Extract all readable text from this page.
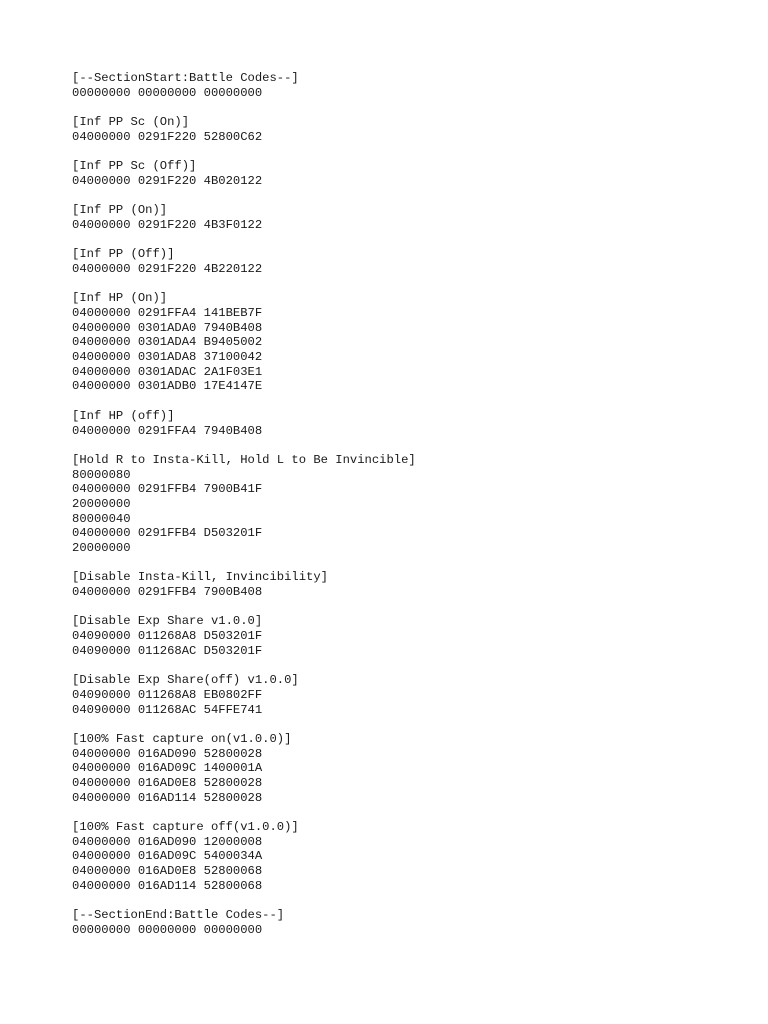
[--SectionStart:Battle Codes--]
00000000 00000000 00000000
[Inf PP Sc (On)]
04000000 0291F220 52800C62
[Inf PP Sc (Off)]
04000000 0291F220 4B020122
[Inf PP (On)]
04000000 0291F220 4B3F0122
[Inf PP (Off)]
04000000 0291F220 4B220122
[Inf HP (On)]
04000000 0291FFA4 141BEB7F
04000000 0301ADA0 7940B408
04000000 0301ADA4 B9405002
04000000 0301ADA8 37100042
04000000 0301ADAC 2A1F03E1
04000000 0301ADB0 17E4147E
[Inf HP (off)]
04000000 0291FFA4 7940B408
[Hold R to Insta-Kill, Hold L to Be Invincible]
80000080
04000000 0291FFB4 7900B41F
20000000
80000040
04000000 0291FFB4 D503201F
20000000
[Disable Insta-Kill, Invincibility]
04000000 0291FFB4 7900B408
[Disable Exp Share v1.0.0]
04090000 011268A8 D503201F
04090000 011268AC D503201F
[Disable Exp Share(off) v1.0.0]
04090000 011268A8 EB0802FF
04090000 011268AC 54FFE741
[100% Fast capture on(v1.0.0)]
04000000 016AD090 52800028
04000000 016AD09C 1400001A
04000000 016AD0E8 52800028
04000000 016AD114 52800028
[100% Fast capture off(v1.0.0)]
04000000 016AD090 12000008
04000000 016AD09C 5400034A
04000000 016AD0E8 52800068
04000000 016AD114 52800068
[--SectionEnd:Battle Codes--]
00000000 00000000 00000000
